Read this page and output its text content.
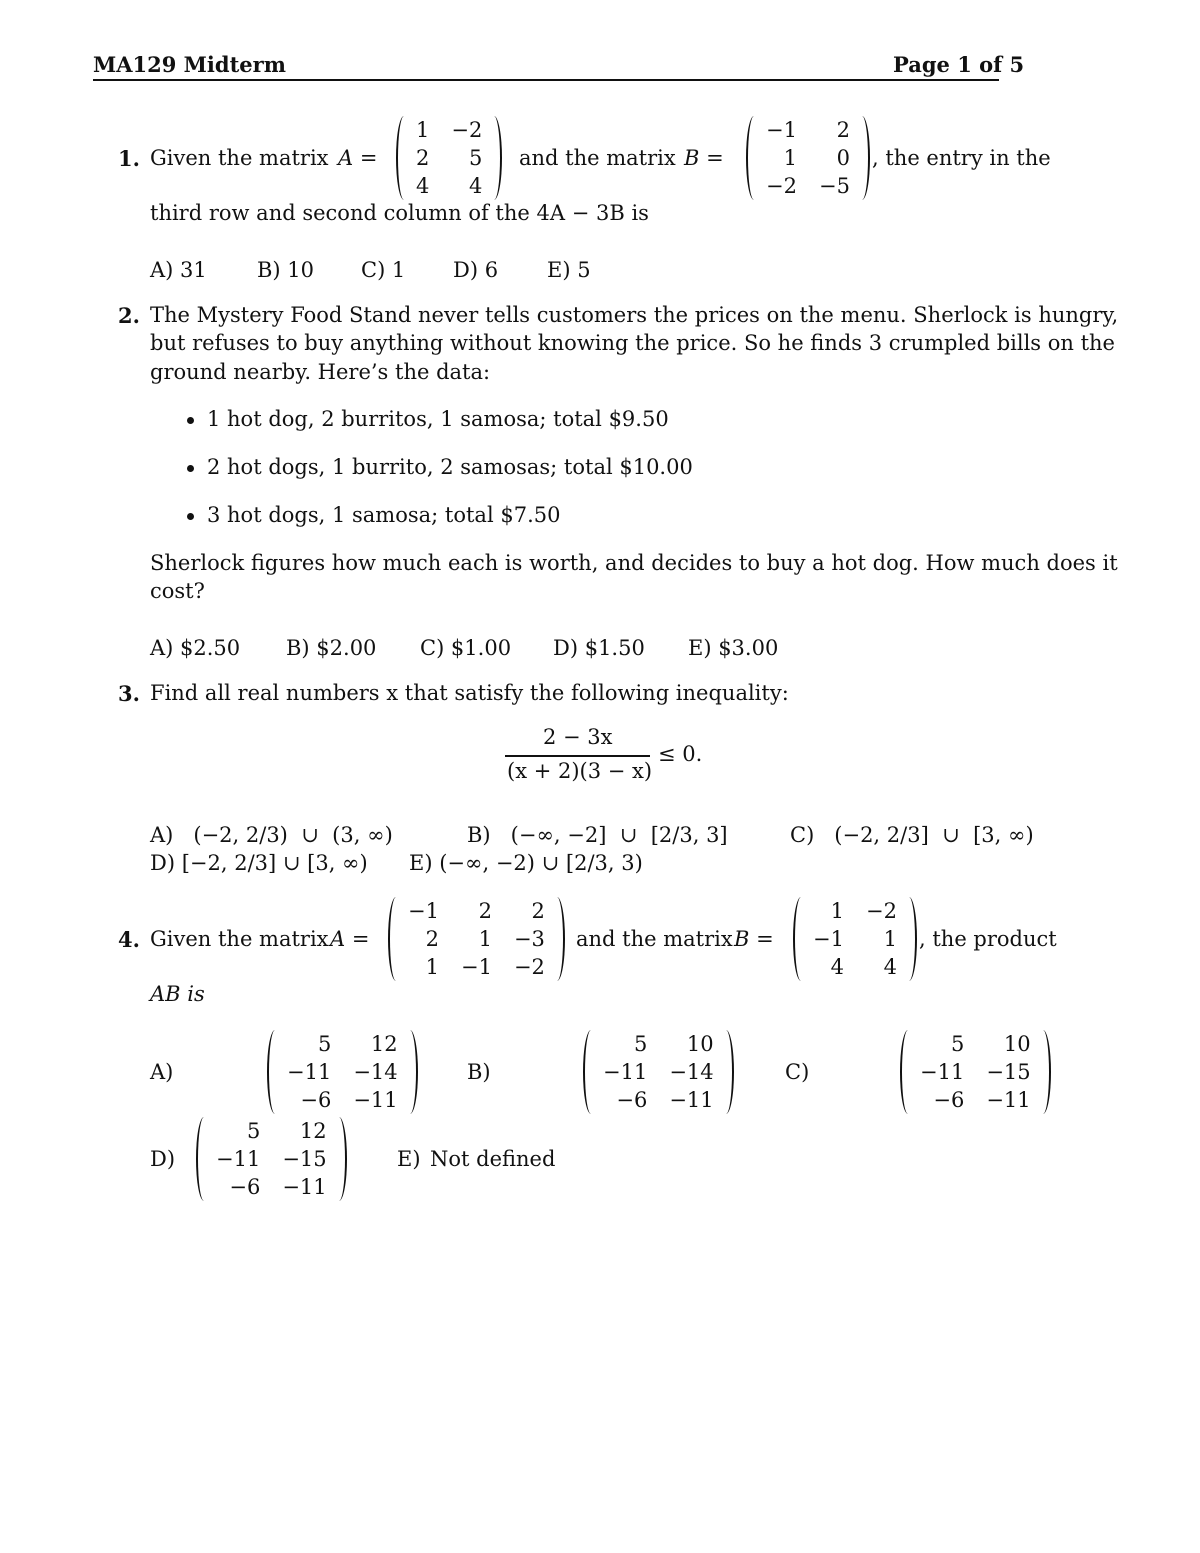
MA129 Midterm	Page 1 of 5
1. Given the matrix A =
1	−2
2	5
4	4
and the matrix B =
−1	2
1	0
−2	−5
, the entry in the
third row and second column of the 4A − 3B is
A) 31 B) 10 C) 1 D) 6 E) 5
2. The Mystery Food Stand never tells customers the prices on the menu. Sherlock is hungry,
but refuses to buy anything without knowing the price. So he finds 3 crumpled bills on the
ground nearby. Here’s the data:
1 hot dog, 2 burritos, 1 samosa; total $9.50
2 hot dogs, 1 burrito, 2 samosas; total $10.00
3 hot dogs, 1 samosa; total $7.50
Sherlock figures how much each is worth, and decides to buy a hot dog. How much does it
cost?
A) $2.50 B) $2.00 C) $1.00 D) $1.50 E) $3.00
3. Find all real numbers x that satisfy the following inequality:
2 − 3x
(x + 2)(3 − x)
≤ 0.
A)   (−2, 2/3)  ∪  (3, ∞)	B)   (−∞, −2]  ∪  [2/3, 3]	C)   (−2, 2/3]  ∪  [3, ∞)
D) [−2, 2/3] ∪ [3, ∞) E) (−∞, −2) ∪ [2/3, 3)
4. Given the matrix A =
−1	2	2
2	1	−3
1	−1	−2
and the matrix B =
1	−2
−1	1
4	4
, the product
AB is
A)
5	12
−11	−14
−6	−11
B)
5	10
−11	−14
−6	−11
C)
5	10
−11	−15
−6	−11
D)
5	12
−11	−15
−6	−11
E) Not defined
